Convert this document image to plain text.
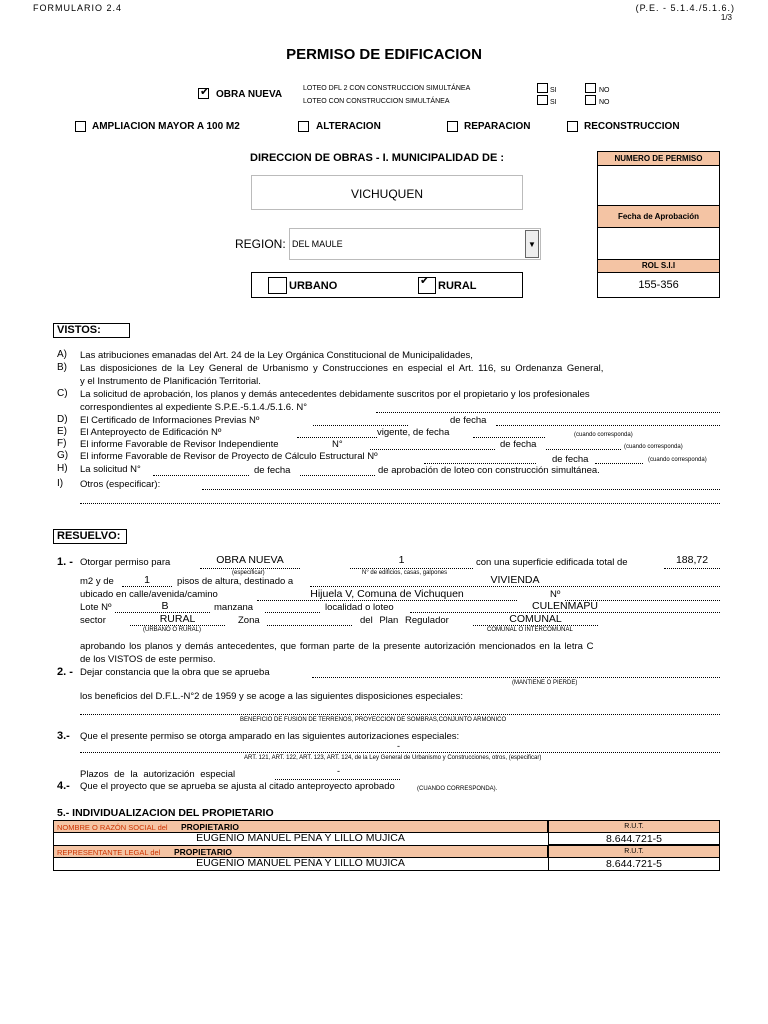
FORMULARIO 2.4	(P.E. - 5.1.4./5.1.6.)
1/3
PERMISO DE EDIFICACION
✔
OBRA NUEVA
LOTEO DFL 2 CON CONSTRUCCION SIMULTÁNEA
LOTEO CON CONSTRUCCION SIMULTÁNEA
SI	NO
SI	NO
AMPLIACION MAYOR A 100 M2	ALTERACION	REPARACION	RECONSTRUCCION
DIRECCION DE OBRAS - I. MUNICIPALIDAD DE :
VICHUQUEN
REGION: DEL MAULE	▼
URBANO
✔	RURAL
NUMERO DE PERMISO
Fecha de Aprobación
ROL S.I.I
155-356
VISTOS:
A) Las atribuciones emanadas del Art. 24 de la Ley Orgánica Constitucional de Municipalidades,
B) Las disposiciones de la Ley General de Urbanismo y Construcciones en especial el Art. 116, su Ordenanza General,
y el Instrumento de Planificación Territorial.
C) La solicitud de aprobación, los planos y demás antecedentes debidamente suscritos por el propietario y los profesionales
correspondientes al expediente S.P.E.-5.1.4./5.1.6. N°
D) El Certificado de Informaciones Previas Nº	de fecha
E) El Anteproyecto de Edificación Nº	vigente, de fecha	(cuando corresponda)
F) El informe Favorable de Revisor Independiente	N°	de fecha	(cuando corresponda)
G) El informe Favorable de Revisor de Proyecto de Cálculo Estructural Nº	de fecha	(cuando corresponda)
H) La solicitud N°	de fecha	de aprobación de loteo con construcción simultánea.
I) Otros (especificar):
RESUELVO:
1. - Otorgar permiso para	OBRA NUEVA
(especificar)
1
N° de edificios, casas, galpones
con una superficie edificada total de	188,72
m2 y de	1	pisos de altura, destinado a	VIVIENDA
ubicado en calle/avenida/camino	Hijuela V, Comuna de Vichuquen	Nº
Lote Nº	B	manzana	localidad o loteo	CULENMAPU
sector	RURAL
(URBANO O RURAL)
Zona	del Plan Regulador	COMUNAL
COMUNAL O INTERCOMUNAL
aprobando los planos y demás antecedentes, que forman parte de la presente autorización mencionados en la letra C
de los VISTOS de este permiso.
2. - Dejar constancia que la obra que se aprueba
(MANTIENE O PIERDE)
los beneficios del D.F.L.-N°2 de 1959 y se acoge a las siguientes disposiciones especiales:
BENEFICIO DE FUSION DE TERRENOS, PROYECCION DE SOMBRAS,CONJUNTO ARMONICO
3.- Que el presente permiso se otorga amparado en las siguientes autorizaciones especiales:
-
ART. 121, ART. 122, ART. 123, ART. 124, de la Ley General de Urbanismo y Construcciones, otros, (especificar)
Plazos de la autorización especial	-
4.- Que el proyecto que se aprueba se ajusta al citado anteproyecto aprobado	(CUANDO CORRESPONDA).
5.- INDIVIDUALIZACION DEL PROPIETARIO
NOMBRE O RAZÓN SOCIAL del PROPIETARIO	R.U.T.
EUGENIO MANUEL PEÑA Y LILLO MUJICA	8.644.721-5
REPRESENTANTE LEGAL del PROPIETARIO	R.U.T.
EUGENIO MANUEL PEÑA Y LILLO MUJICA	8.644.721-5
